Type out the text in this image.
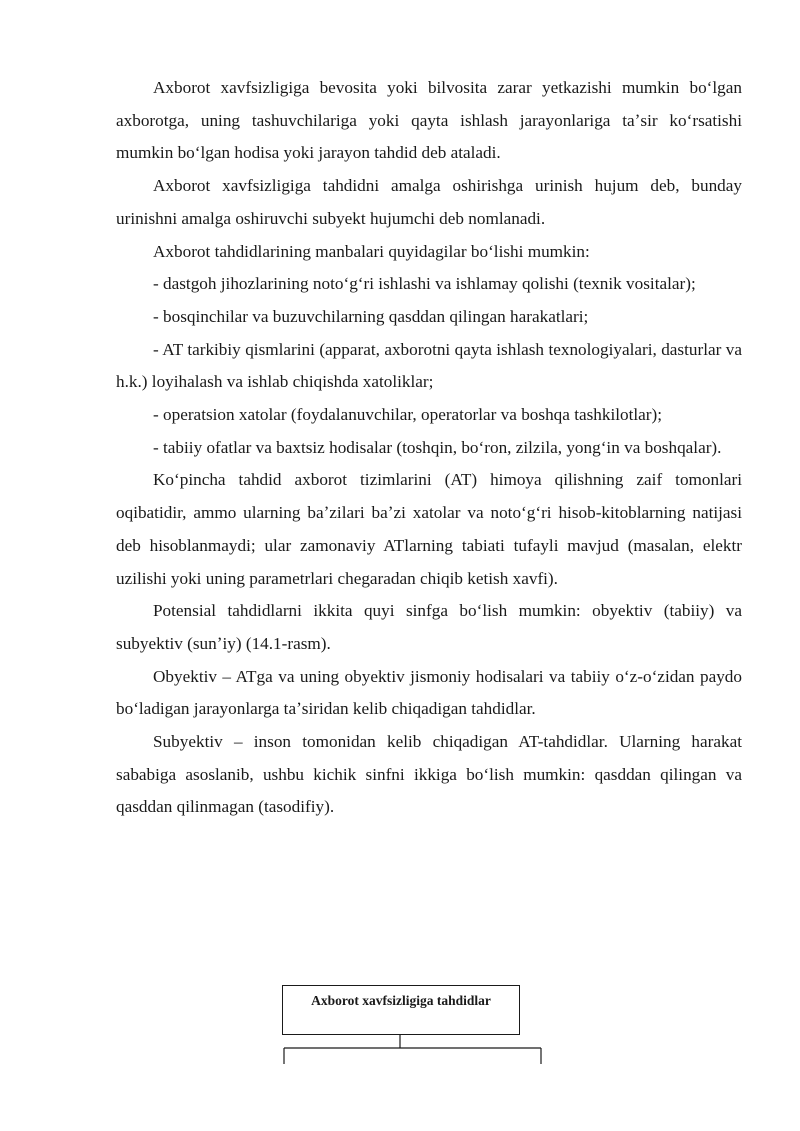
Axborot xavfsizligiga bevosita yoki bilvosita zarar yetkazishi mumkin boʻlgan axborotga, uning tashuvchilariga yoki qayta ishlash jarayonlariga taʼsir koʻrsatishi mumkin boʻlgan hodisa yoki jarayon tahdid deb ataladi.

Axborot xavfsizligiga tahdidni amalga oshirishga urinish hujum deb, bunday urinishni amalga oshiruvchi subyekt hujumchi deb nomlanadi.

Axborot tahdidlarining manbalari quyidagilar boʻlishi mumkin:

- dastgoh jihozlarining notoʻgʻri ishlashi va ishlamay qolishi (texnik vositalar);

- bosqinchilar va buzuvchilarning qasddan qilingan harakatlari;

- AT tarkibiy qismlarini (apparat, axborotni qayta ishlash texnologiyalari, dasturlar va h.k.) loyihalash va ishlab chiqishda xatoliklar;

- operatsion xatolar (foydalanuvchilar, operatorlar va boshqa tashkilotlar);

- tabiiy ofatlar va baxtsiz hodisalar (toshqin, boʻron, zilzila, yongʻin va boshqalar).

Koʻpincha tahdid axborot tizimlarini (AT) himoya qilishning zaif tomonlari oqibatidir, ammo ularning baʼzilari baʼzi xatolar va notoʻgʻri hisob-kitoblarning natijasi deb hisoblanmaydi; ular zamonaviy ATlarning tabiati tufayli mavjud (masalan, elektr uzilishi yoki uning parametrlari chegaradan chiqib ketish xavfi).

Potensial tahdidlarni ikkita quyi sinfga boʻlish mumkin: obyektiv (tabiiy) va subyektiv (sunʼiy) (14.1-rasm).

Obyektiv – ATga va uning obyektiv jismoniy hodisalari va tabiiy oʻz-oʻzidan paydo boʻladigan jarayonlarga taʼsiridan kelib chiqadigan tahdidlar.

Subyektiv – inson tomonidan kelib chiqadigan AT-tahdidlar. Ularning harakat sababiga asoslanib, ushbu kichik sinfni ikkiga boʻlish mumkin: qasddan qilingan va qasddan qilinmagan (tasodifiy).

Axborot xavfsizligiga tahdidlar
